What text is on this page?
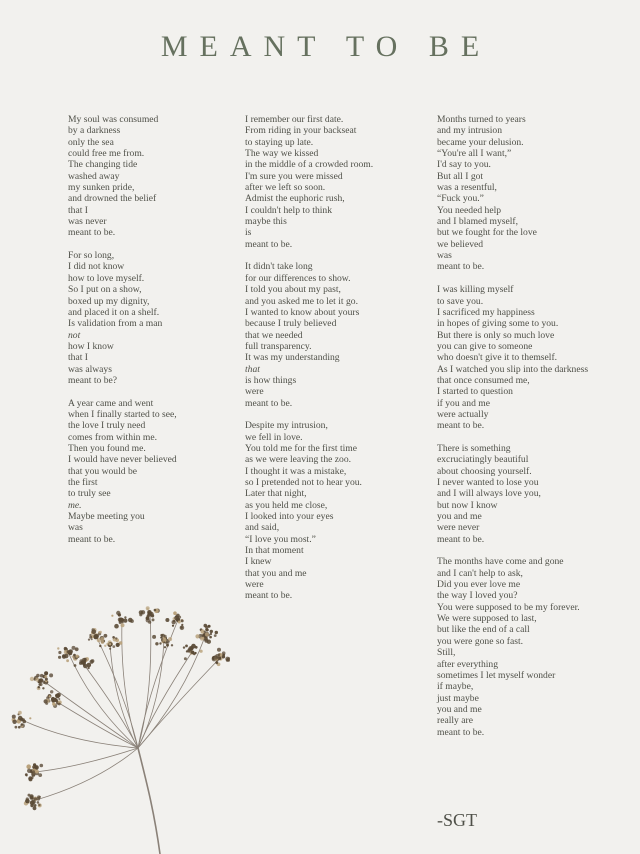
MEANT TO BE
My soul was consumed
by a darkness
only the sea
could free me from.
The changing tide
washed away
my sunken pride,
and drowned the belief
that I
was never
meant to be.
For so long,
I did not know
how to love myself.
So I put on a show,
boxed up my dignity,
and placed it on a shelf.
Is validation from a man
not
how I know
that I
was always
meant to be?
A year came and went
when I finally started to see,
the love I truly need
comes from within me.
Then you found me.
I would have never believed
that you would be
the first
to truly see
me.
Maybe meeting you
was
meant to be.
I remember our first date.
From riding in your backseat
to staying up late.
The way we kissed
in the middle of a crowded room.
I'm sure you were missed
after we left so soon.
Admist the euphoric rush,
I couldn't help to think
maybe this
is
meant to be.
It didn't take long
for our differences to show.
I told you about my past,
and you asked me to let it go.
I wanted to know about yours
because I truly believed
that we needed
full transparency.
It was my understanding
that
is how things
were
meant to be.
Despite my intrusion,
we fell in love.
You told me for the first time
as we were leaving the zoo.
I thought it was a mistake,
so I pretended not to hear you.
Later that night,
as you held me close,
I looked into your eyes
and said,
“I love you most.”
In that moment
I knew
that you and me
were
meant to be.
Months turned to years
and my intrusion
became your delusion.
“You're all I want,”
I'd say to you.
But all I got
was a resentful,
“Fuck you.”
You needed help
and I blamed myself,
but we fought for the love
we believed
was
meant to be.
I was killing myself
to save you.
I sacrificed my happiness
in hopes of giving some to you.
But there is only so much love
you can give to someone
who doesn't give it to themself.
As I watched you slip into the darkness
that once consumed me,
I started to question
if you and me
were actually
meant to be.
There is something
excruciatingly beautiful
about choosing yourself.
I never wanted to lose you
and I will always love you,
but now I know
you and me
were never
meant to be.
The months have come and gone
and I can't help to ask,
Did you ever love me
the way I loved you?
You were supposed to be my forever.
We were supposed to last,
but like the end of a call
you were gone so fast.
Still,
after everything
sometimes I let myself wonder
if maybe,
just maybe
you and me
really are
meant to be.
-SGT
